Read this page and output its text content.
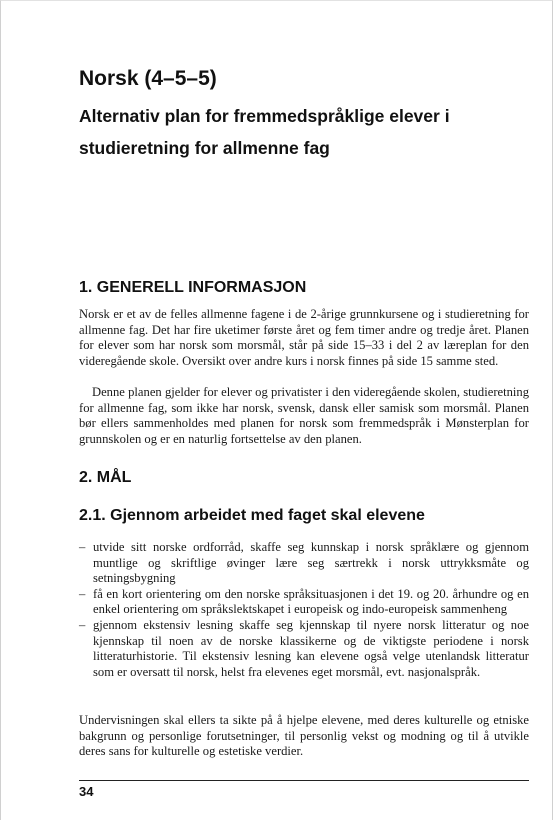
Norsk (4–5–5)
Alternativ plan for fremmedspråklige elever i studieretning for allmenne fag
1. GENERELL INFORMASJON

Norsk er et av de felles allmenne fagene i de 2-årige grunnkursene og i studieretning for allmenne fag. Det har fire uketimer første året og fem timer andre og tredje året. Planen for elever som har norsk som morsmål, står på side 15–33 i del 2 av læreplan for den videregående skole. Oversikt over andre kurs i norsk finnes på side 15 samme sted.

Denne planen gjelder for elever og privatister i den videregående skolen, studieretning for allmenne fag, som ikke har norsk, svensk, dansk eller samisk som morsmål. Planen bør ellers sammenholdes med planen for norsk som fremmedspråk i Mønsterplan for grunnskolen og er en naturlig fortsettelse av den planen.

2. MÅL
2.1. Gjennom arbeidet med faget skal elevene
– utvide sitt norske ordforråd, skaffe seg kunnskap i norsk språklære og gjennom muntlige og skriftlige øvinger lære seg særtrekk i norsk uttrykksmåte og setningsbygning
– få en kort orientering om den norske språksituasjonen i det 19. og 20. århundre og en enkel orientering om språkslektskapet i europeisk og indo-europeisk sammenheng
– gjennom ekstensiv lesning skaffe seg kjennskap til nyere norsk litteratur og noe kjennskap til noen av de norske klassikerne og de viktigste periodene i norsk litteraturhistorie. Til ekstensiv lesning kan elevene også velge utenlandsk litteratur som er oversatt til norsk, helst fra elevenes eget morsmål, evt. nasjonalspråk.

Undervisningen skal ellers ta sikte på å hjelpe elevene, med deres kulturelle og etniske bakgrunn og personlige forutsetninger, til personlig vekst og modning og til å utvikle deres sans for kulturelle og estetiske verdier.

34
